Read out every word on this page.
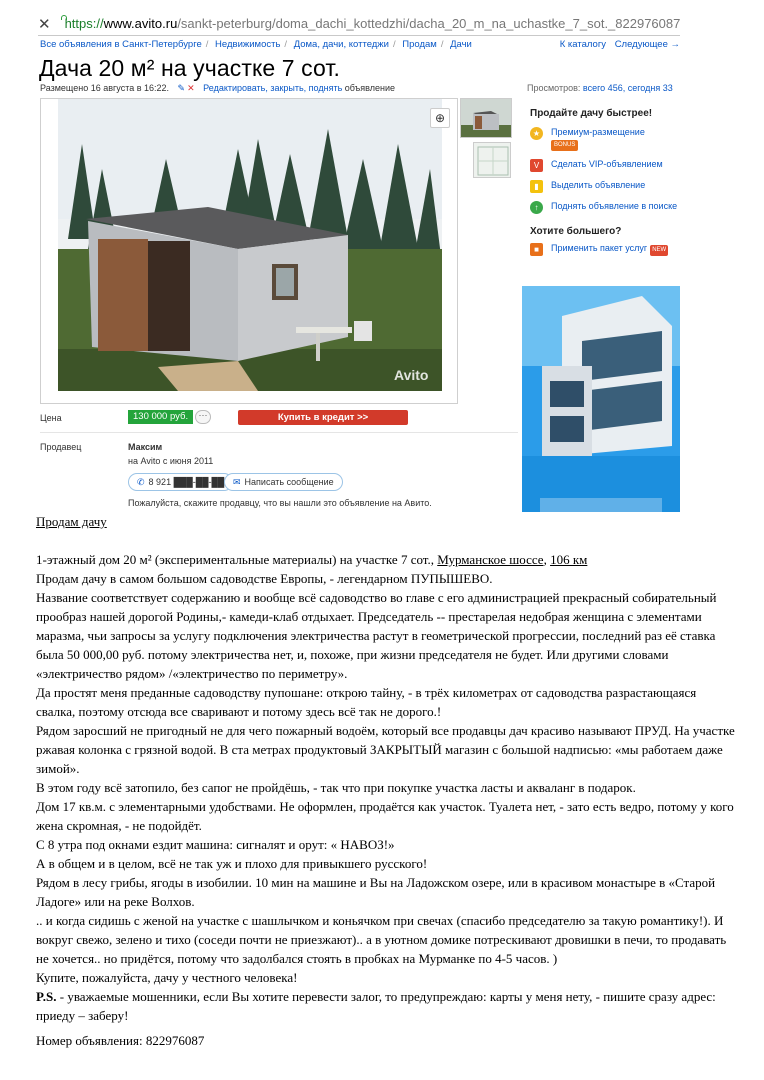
✕ https:// www.avito.ru /sankt-peterburg/doma_dachi_kottedzhi/dacha_20_m_na_uchastke_7_sot._822976087
Все объявления в Санкт-Петербурге / Недвижимость / Дома, дачи, коттеджи / Продам / Дачи	К каталогу Следующее →
Дача 20 м² на участке 7 сот.
Размещено 16 августа в 16:22. ✎ ✕ Редактировать, закрыть, поднять объявление	Просмотров: всего 456, сегодня 33
⊕
Avito
Продайте дачу быстрее!
★	Премиум-размещение
BONUS
V	Сделать VIP-объявлением
▮	Выделить объявление
↑	Поднять объявление в поиске
Хотите большего?
■	Применить пакет услуг NEW
Цена	130 000 руб.	···	Купить в кредит >>
Продавец	Максим
на Avito с июня 2011
✆ 8 921 ███-██-██ ✉ Написать сообщение
Пожалуйста, скажите продавцу, что вы нашли это объявление на Авито.

Продам дачу

1-этажный дом 20 м² (экспериментальные материалы) на участке 7 сот., Мурманское шоссе, 106 км

Продам дачу в самом большом садоводстве Европы, - легендарном ПУПЫШЕВО.

Название соответствует содержанию и вообще всё садоводство во главе с его администрацией прекрасный собирательный прообраз нашей дорогой Родины,- камеди-клаб отдыхает. Председатель -- престарелая недобрая женщина с элементами маразма, чьи запросы за услугу подключения электричества растут в геометрической прогрессии, последний раз её ставка была 50 000,00 руб. потому электричества нет, и, похоже, при жизни председателя не будет. Или другими словами «электричество рядом» /«электричество по периметру».

Да простят меня преданные садоводству пупошане: открою тайну, - в трёх километрах от садоводства разрастающаяся свалка, поэтому отсюда все сваривают и потому здесь всё так не дорого.!

Рядом заросший не пригодный не для чего пожарный водоём, который все продавцы дач красиво называют ПРУД. На участке ржавая колонка с грязной водой. В ста метрах продуктовый ЗАКРЫТЫЙ магазин с большой надписью: «мы работаем даже зимой».

В этом году всё затопило, без сапог не пройдёшь, - так что при покупке участка ласты и акваланг в подарок.

Дом 17 кв.м. с элементарными удобствами. Не оформлен, продаётся как участок. Туалета нет, - зато есть ведро, потому у кого жена скромная, - не подойдёт.

С 8 утра под окнами ездит машина: сигналят и орут: « НАВОЗ!»

А в общем и в целом, всё не так уж и плохо для привыкшего русского!

Рядом в лесу грибы, ягоды в изобилии. 10 мин на машине и Вы на Ладожском озере, или в красивом монастыре в «Старой Ладоге» или на реке Волхов.

.. и когда сидишь с женой на участке с шашлычком и коньячком при свечах (спасибо председателю за такую романтику!). И вокруг свежо, зелено и тихо (соседи почти не приезжают).. а в уютном домике потрескивают дровишки в печи, то продавать не хочется.. но придётся, потому что задолбался стоять в пробках на Мурманке по 4-5 часов. )

Купите, пожалуйста, дачу у честного человека!

P.S. - уважаемые мошенники, если Вы хотите перевести залог, то предупреждаю: карты у меня нету, - пишите сразу адрес: приеду – заберу!

Номер объявления: 822976087
